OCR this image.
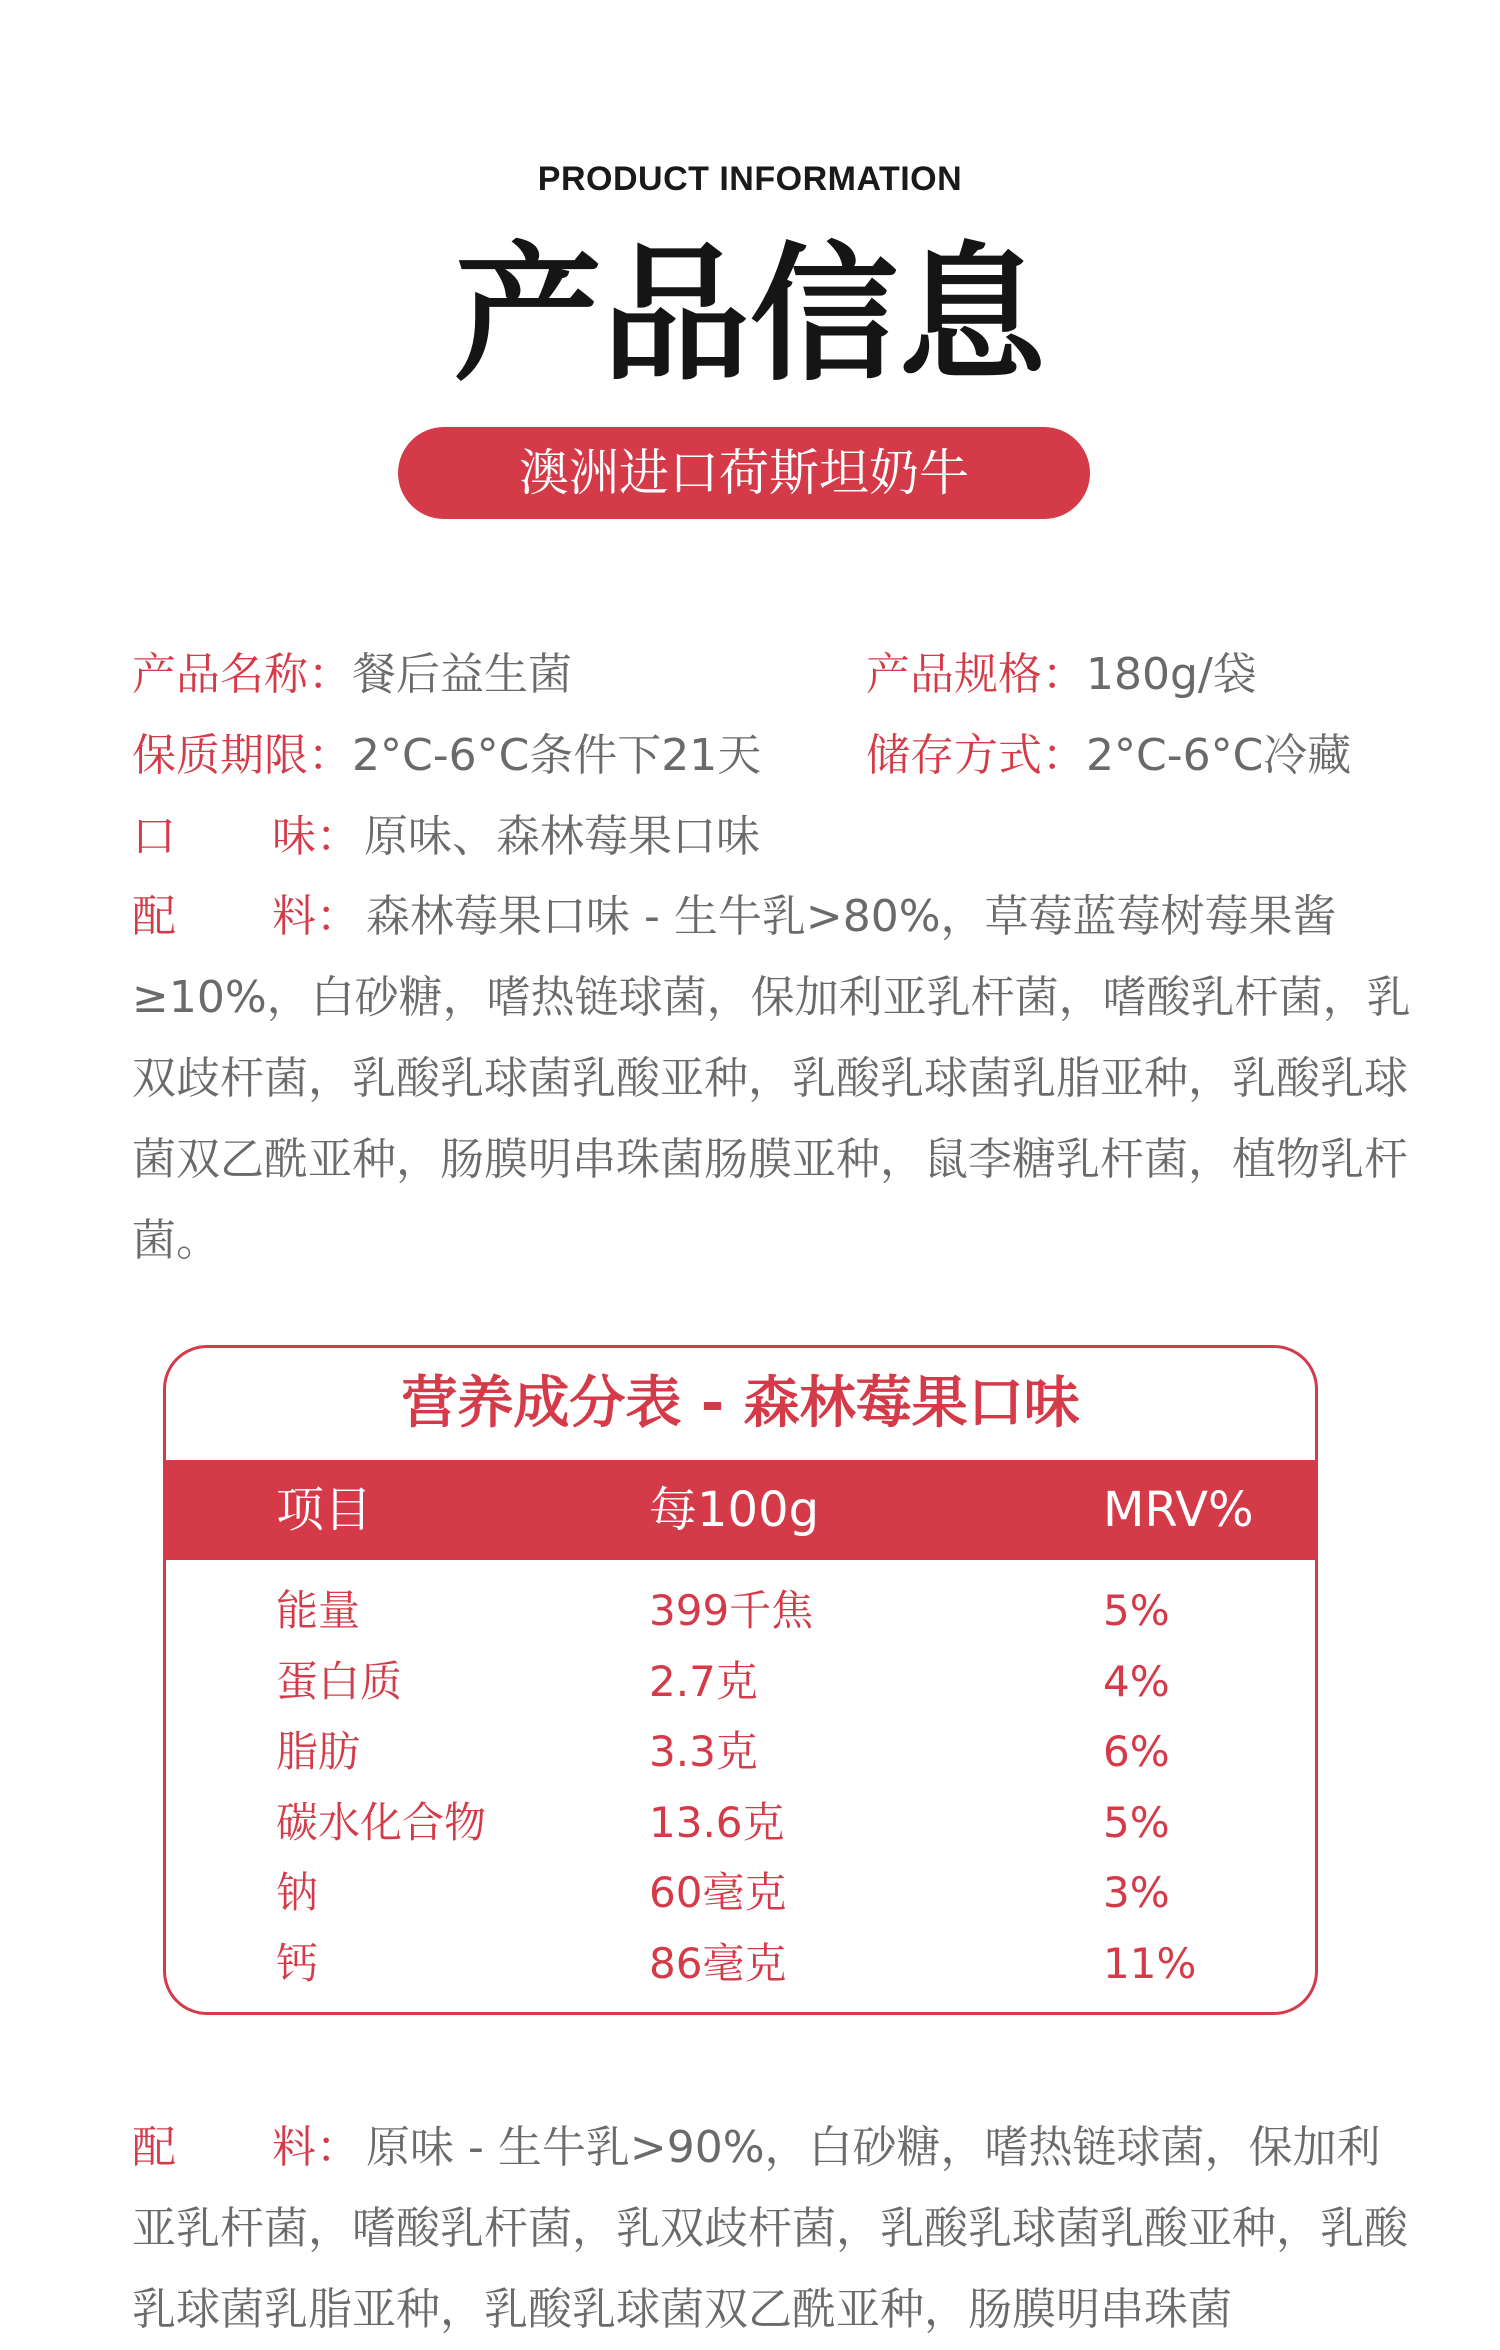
PRODUCT INFORMATION
产品信息
澳洲进口荷斯坦奶牛
产品名称：餐后益生菌	产品规格：180g/袋
保质期限：2°C-6°C条件下21天 储存方式：2°C-6°C冷藏
口 味：原味、森林莓果口味
配 料： 森林莓果口味 - 生牛乳>80%，草莓蓝莓树莓果酱≥10%，白砂糖，嗜热链球菌，保加利亚乳杆菌，嗜酸乳杆菌，乳双歧杆菌，乳酸乳球菌乳酸亚种，乳酸乳球菌乳脂亚种，乳酸乳球菌双乙酰亚种，肠膜明串珠菌肠膜亚种，鼠李糖乳杆菌，植物乳杆菌。
营养成分表 - 森林莓果口味
项目	每100g	MRV%
能量	399千焦	5%
蛋白质	2.7克	4%
脂肪	3.3克	6%
碳水化合物	13.6克	5%
钠	60毫克	3%
钙	86毫克	11%
配 料： 原味 - 生牛乳>90%，白砂糖，嗜热链球菌，保加利亚乳杆菌，嗜酸乳杆菌，乳双歧杆菌，乳酸乳球菌乳酸亚种，乳酸乳球菌乳脂亚种，乳酸乳球菌双乙酰亚种，肠膜明串珠菌
